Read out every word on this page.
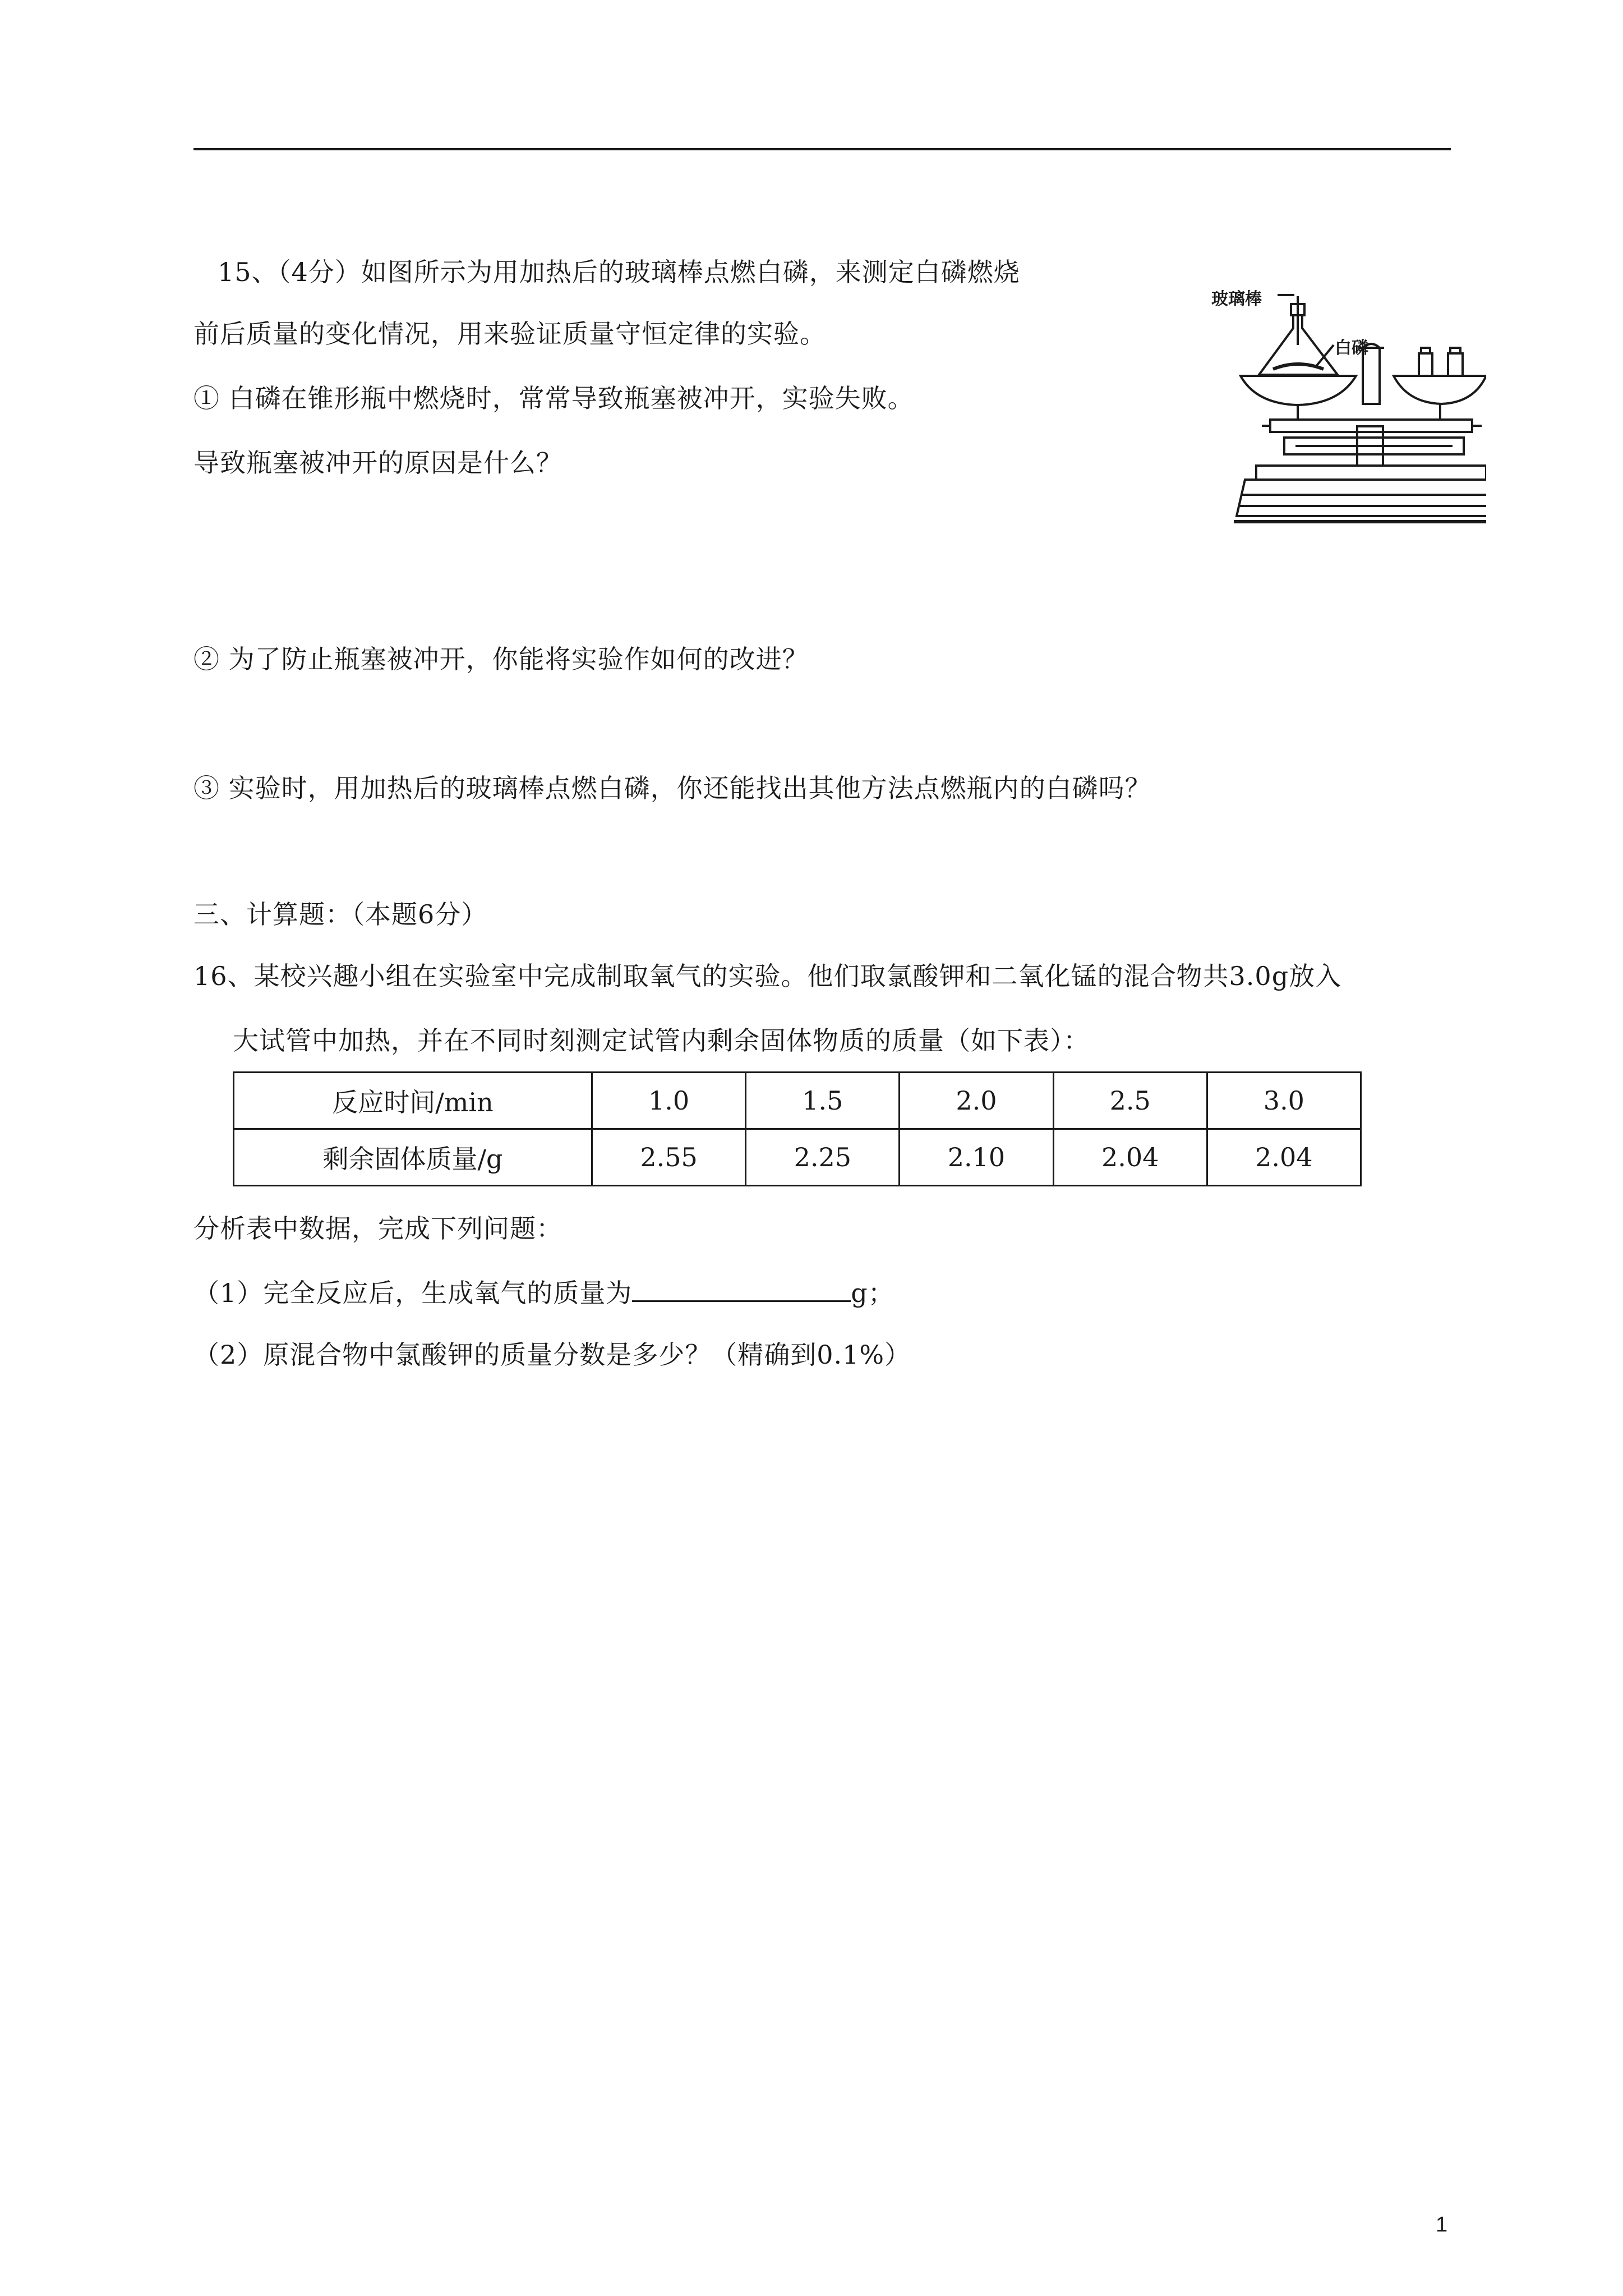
15、（4分）如图所示为用加热后的玻璃棒点燃白磷，来测定白磷燃烧
前后质量的变化情况，用来验证质量守恒定律的实验。
① 白磷在锥形瓶中燃烧时，常常导致瓶塞被冲开，实验失败。
导致瓶塞被冲开的原因是什么？
② 为了防止瓶塞被冲开，你能将实验作如何的改进？
③ 实验时，用加热后的玻璃棒点燃白磷，你还能找出其他方法点燃瓶内的白磷吗？
玻璃棒
白磷
三、计算题：（本题6分）
16、某校兴趣小组在实验室中完成制取氧气的实验。他们取氯酸钾和二氧化锰的混合物共3.0g放入
大试管中加热，并在不同时刻测定试管内剩余固体物质的质量（如下表）：
反应时间/min	1.0	1.5	2.0	2.5	3.0
剩余固体质量/g	2.55	2.25	2.10	2.04	2.04
分析表中数据，完成下列问题：
（1）完全反应后，生成氧气的质量为	g；
（2）原混合物中氯酸钾的质量分数是多少？（精确到0.1%）
1
